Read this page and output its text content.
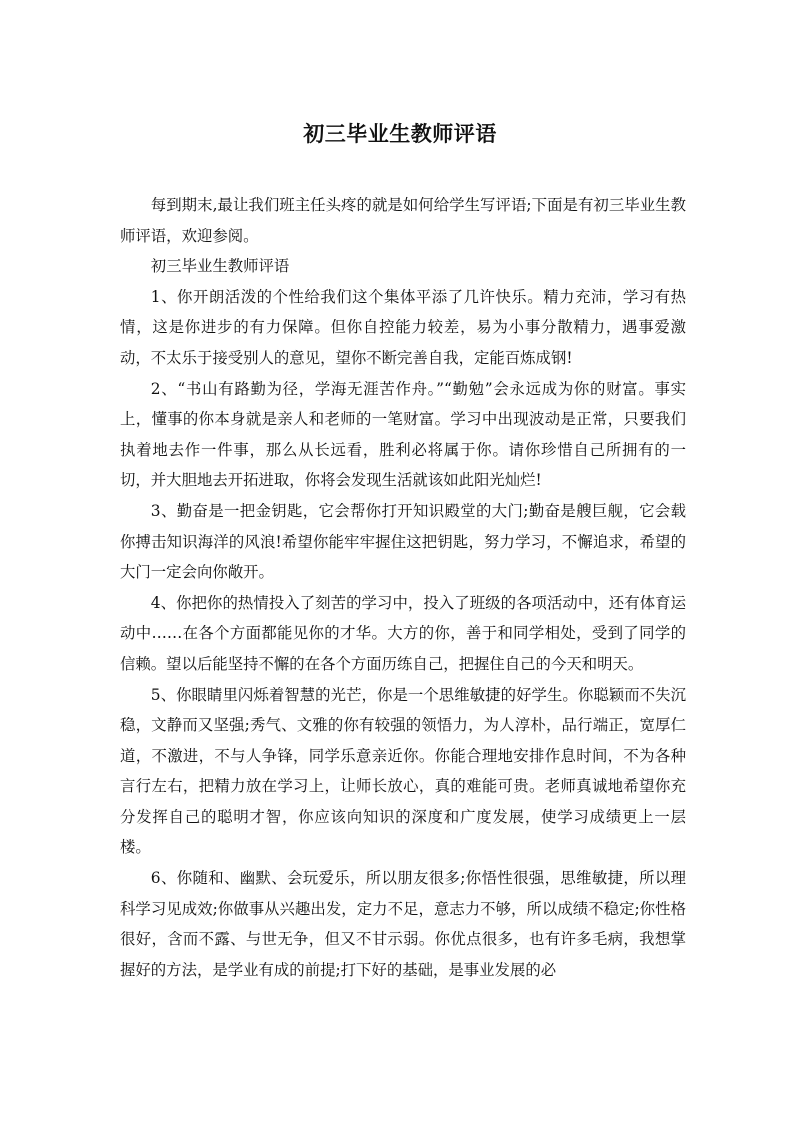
初三毕业生教师评语

每到期末,最让我们班主任头疼的就是如何给学生写评语;下面是有初三毕业生教师评语，欢迎参阅。

初三毕业生教师评语

1、你开朗活泼的个性给我们这个集体平添了几许快乐。精力充沛，学习有热情，这是你进步的有力保障。但你自控能力较差，易为小事分散精力，遇事爱激动，不太乐于接受别人的意见，望你不断完善自我，定能百炼成钢!

2、“书山有路勤为径，学海无涯苦作舟。”“勤勉”会永远成为你的财富。事实上，懂事的你本身就是亲人和老师的一笔财富。学习中出现波动是正常，只要我们执着地去作一件事，那么从长远看，胜利必将属于你。请你珍惜自己所拥有的一切，并大胆地去开拓进取，你将会发现生活就该如此阳光灿烂!

3、勤奋是一把金钥匙，它会帮你打开知识殿堂的大门;勤奋是艘巨舰，它会载你搏击知识海洋的风浪!希望你能牢牢握住这把钥匙，努力学习，不懈追求，希望的大门一定会向你敞开。

4、你把你的热情投入了刻苦的学习中，投入了班级的各项活动中，还有体育运动中……在各个方面都能见你的才华。大方的你，善于和同学相处，受到了同学的信赖。望以后能坚持不懈的在各个方面历练自己，把握住自己的今天和明天。

5、你眼睛里闪烁着智慧的光芒，你是一个思维敏捷的好学生。你聪颖而不失沉稳，文静而又坚强;秀气、文雅的你有较强的领悟力，为人淳朴，品行端正，宽厚仁道，不激进，不与人争锋，同学乐意亲近你。你能合理地安排作息时间，不为各种言行左右，把精力放在学习上，让师长放心，真的难能可贵。老师真诚地希望你充分发挥自己的聪明才智，你应该向知识的深度和广度发展，使学习成绩更上一层楼。

6、你随和、幽默、会玩爱乐，所以朋友很多;你悟性很强，思维敏捷，所以理科学习见成效;你做事从兴趣出发，定力不足，意志力不够，所以成绩不稳定;你性格很好，含而不露、与世无争，但又不甘示弱。你优点很多，也有许多毛病，我想掌握好的方法，是学业有成的前提;打下好的基础，是事业发展的必
